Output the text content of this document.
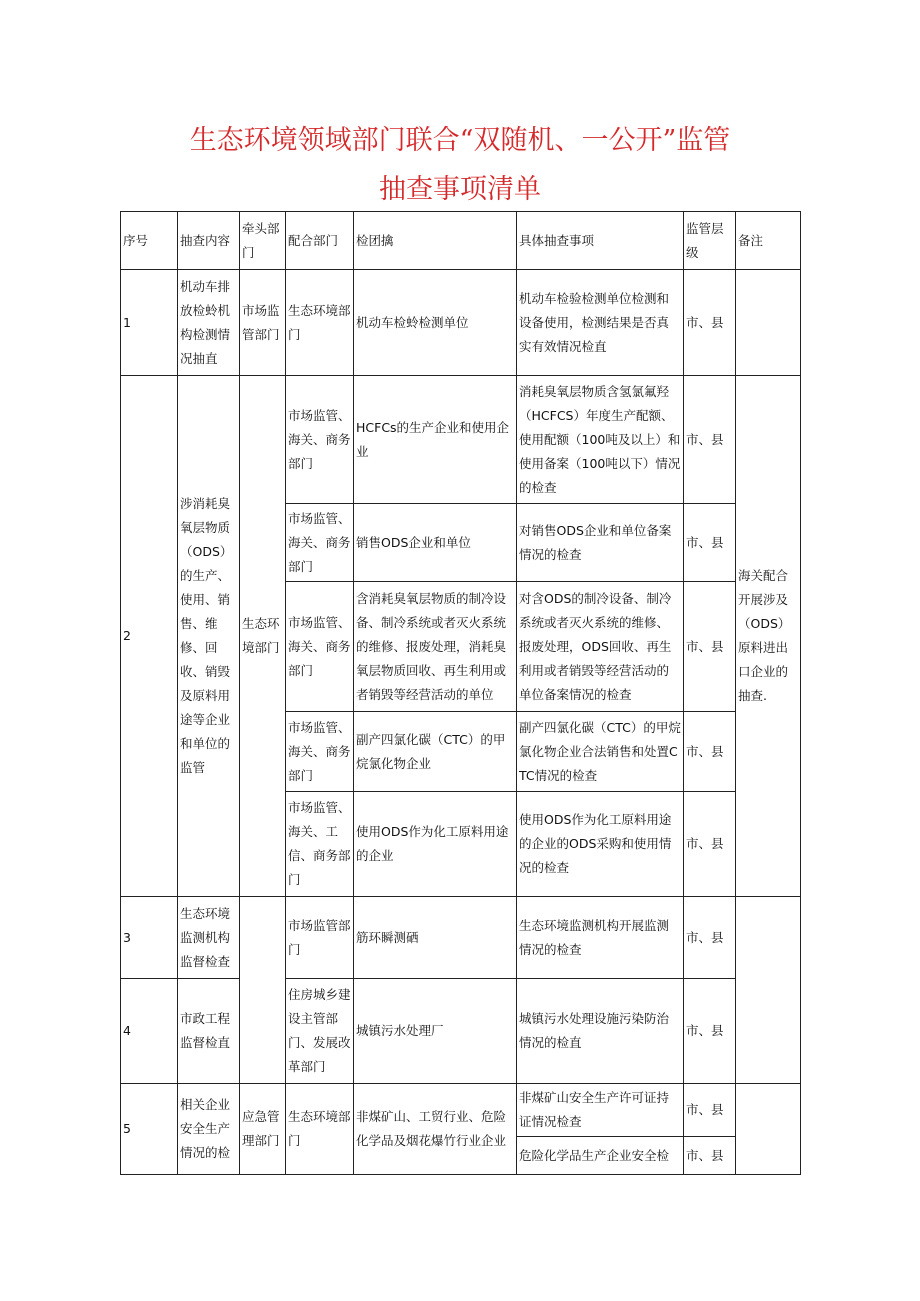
生态环境领域部门联合“双随机、一公开”监管
抽查事项清单
序号	抽查内容	牵头部门	配合部门	检团擒	具体抽查事项	监管层级	备注
1	机动车排放检蛉机构检测情况抽直	市场监管部门	生态环境部门	机动车检蛉检测单位	机动车检验检测单位检测和设备使用，检测结果是否真实有效情况检直	市、县	
2	涉消耗臭氧层物质（ODS）的生产、使用、销售、维修、回收、销毁及原料用途等企业和单位的监管	生态环境部门	市场监管、海关、商务部门	HCFCs的生产企业和使用企业	消耗臭氧层物质含氢氯氟羟（HCFCS）年度生产配额、使用配额（100吨及以上）和使用备案（100吨以下）情况的检查	市、县	海关配合开展涉及（ODS）原料进出口企业的抽查.
			市场监管、海关、商务部门	销售ODS企业和单位	对销售ODS企业和单位备案情况的检查	市、县	
			市场监管、海关、商务部门	含消耗臭氧层物质的制冷设备、制冷系统或者灭火系统的维修、报废处理，消耗臭氧层物质回收、再生利用或者销毁等经营活动的单位	对含ODS的制冷设备、制冷系统或者灭火系统的维修、报废处理，ODS回收、再生利用或者销毁等经营活动的单位备案情况的检查	市、县	
			市场监管、海关、商务部门	副产四氯化碳（CTC）的甲烷氯化物企业	副产四氯化碳（CTC）的甲烷氯化物企业合法销售和处置CTC情况的检查	市、县	
			市场监管、海关、工信、商务部门	使用ODS作为化工原料用途的企业	使用ODS作为化工原料用途的企业的ODS采购和使用情况的检查	市、县	
3	生态环境监测机构监督检查		市场监管部门	筋环瞬测硒	生态环境监测机构开展监测情况的检查	市、县	
4	市政工程监督检直		住房城乡建设主管部门、发展改革部门	城镇污水处理厂	城镇污水处理设施污染防治情况的检直	市、县	
5	相关企业安全生产情况的检	应急管理部门	生态环境部门	非煤矿山、工贸行业、危险化学品及烟花爆竹行业企业	非煤矿山安全生产许可证持证情况检查	市、县	
					危险化学品生产企业安全检	市、县	
